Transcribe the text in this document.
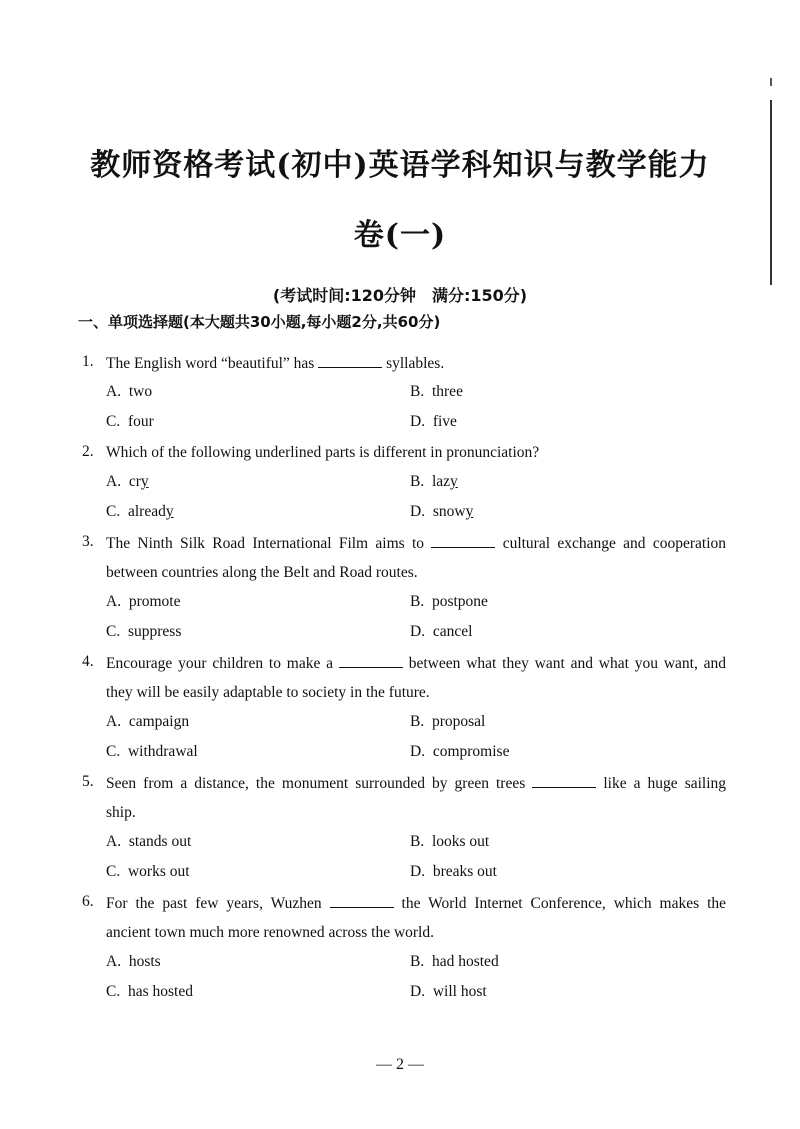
教师资格考试(初中)英语学科知识与教学能力
卷(一)
(考试时间:120分钟　满分:150分)
一、单项选择题(本大题共30小题,每小题2分,共60分)
1. The English word “beautiful” has	syllables.
A. two	B. three
C. four	D. five
2. Which of the following underlined parts is different in pronunciation?
A. cry	B. lazy
C. already	D. snowy
3. The Ninth Silk Road International Film aims to	cultural exchange and cooperation
between countries along the Belt and Road routes.
A. promote	B. postpone
C. suppress	D. cancel
4. Encourage your children to make a	between what they want and what you want, and
they will be easily adaptable to society in the future.
A. campaign	B. proposal
C. withdrawal	D. compromise
5. Seen from a distance, the monument surrounded by green trees	like a huge sailing
ship.
A. stands out	B. looks out
C. works out	D. breaks out
6. For the past few years, Wuzhen	the World Internet Conference, which makes the
ancient town much more renowned across the world.
A. hosts	B. had hosted
C. has hosted	D. will host
— 2 —
